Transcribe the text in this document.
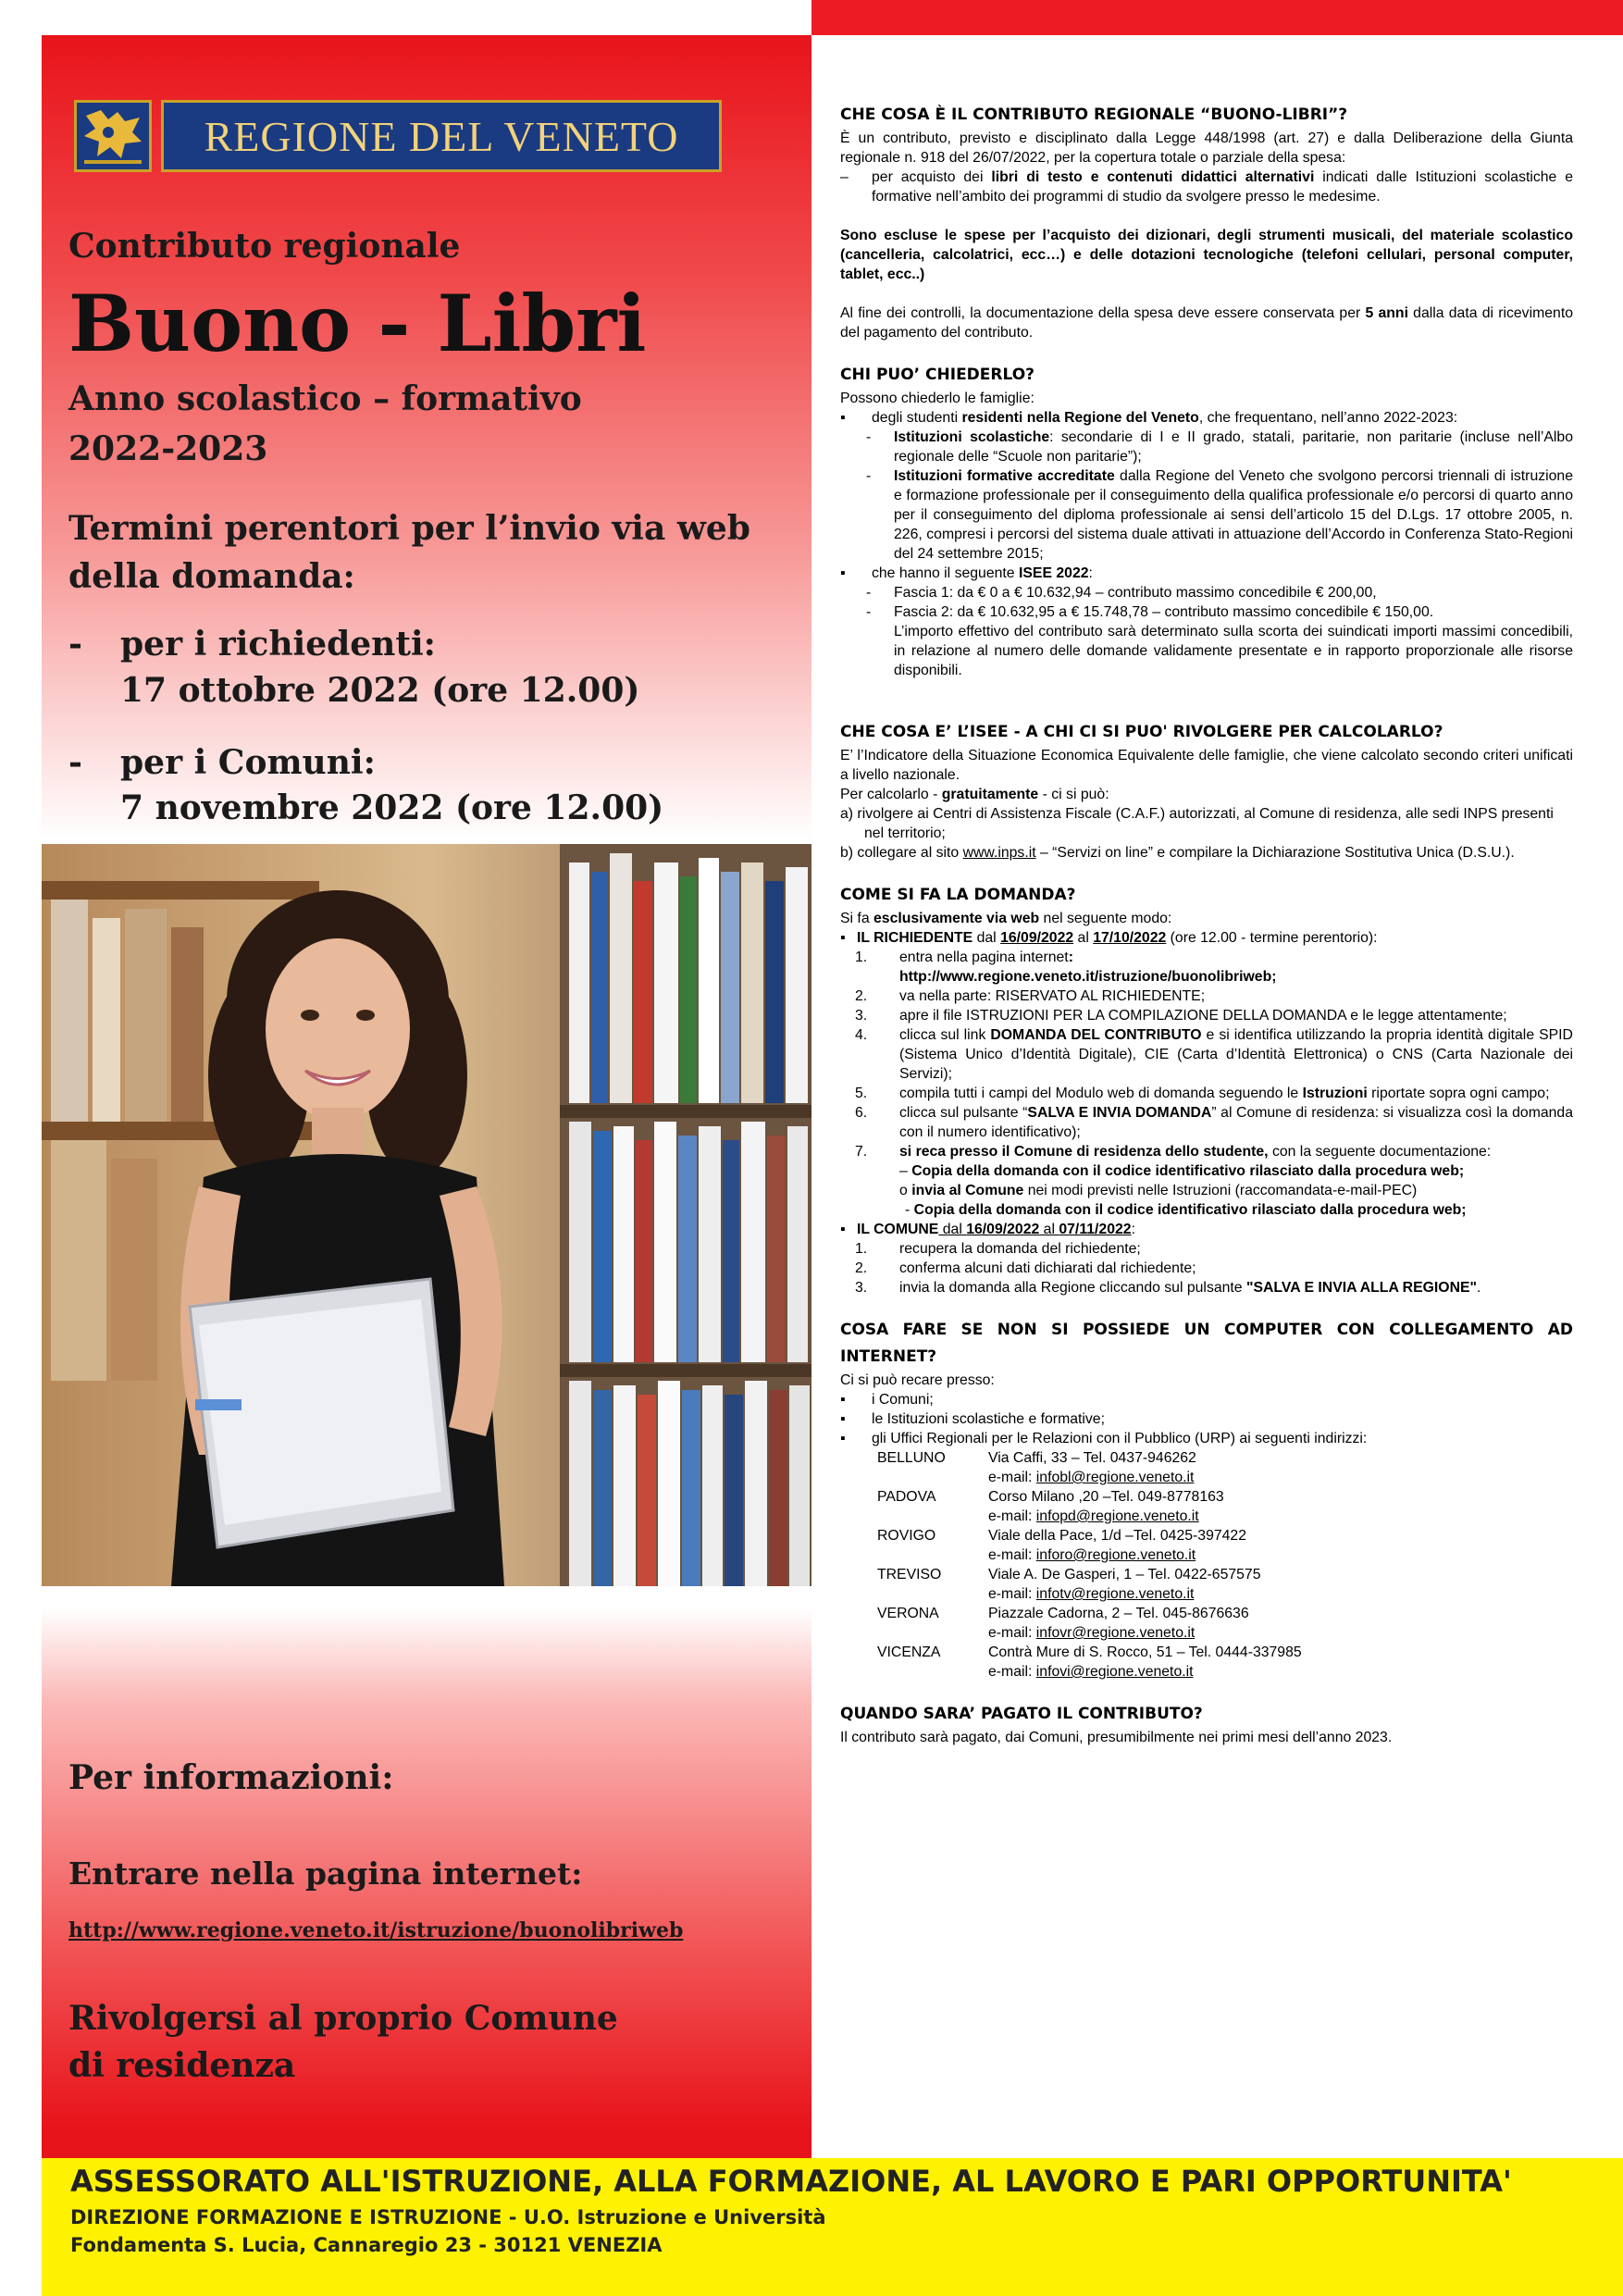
REGIONE DEL VENETO
Contributo regionale
Buono - Libri
Anno scolastico – formativo
2022-2023
Termini perentori per l’invio via web
della domanda:
- per i richiedenti:
17 ottobre 2022 (ore 12.00)
- per i Comuni:
7 novembre 2022 (ore 12.00)
Per informazioni:
Entrare nella pagina internet:
http://www.regione.veneto.it/istruzione/buonolibriweb
Rivolgersi al proprio Comune
di residenza

CHE COSA È IL CONTRIBUTO REGIONALE “BUONO-LIBRI”?

È un contributo, previsto e disciplinato dalla Legge 448/1998 (art. 27) e dalla Deliberazione della Giunta regionale n. 918 del 26/07/2022, per la copertura totale o parziale della spesa:

–	per acquisto dei libri di testo e contenuti didattici alternativi indicati dalle Istituzioni scolastiche e formative nell’ambito dei programmi di studio da svolgere presso le medesime.

Sono escluse le spese per l’acquisto dei dizionari, degli strumenti musicali, del materiale scolastico (cancelleria, calcolatrici, ecc…) e delle dotazioni tecnologiche (telefoni cellulari, personal computer, tablet, ecc..)

Al fine dei controlli, la documentazione della spesa deve essere conservata per 5 anni dalla data di ricevimento del pagamento del contributo.

CHI PUO’ CHIEDERLO?

Possono chiederlo le famiglie:

▪	degli studenti residenti nella Regione del Veneto, che frequentano, nell’anno 2022-2023:
-	Istituzioni scolastiche: secondarie di I e II grado, statali, paritarie, non paritarie (incluse nell’Albo regionale delle “Scuole non paritarie”);
-	Istituzioni formative accreditate dalla Regione del Veneto che svolgono percorsi triennali di istruzione e formazione professionale per il conseguimento della qualifica professionale e/o percorsi di quarto anno per il conseguimento del diploma professionale ai sensi dell’articolo 15 del D.Lgs. 17 ottobre 2005, n. 226, compresi i percorsi del sistema duale attivati in attuazione dell’Accordo in Conferenza Stato-Regioni del 24 settembre 2015;
▪	che hanno il seguente ISEE 2022:
-	Fascia 1: da € 0 a € 10.632,94 – contributo massimo concedibile € 200,00,
-	Fascia 2: da € 10.632,95 a € 15.748,78 – contributo massimo concedibile € 150,00.

L’importo effettivo del contributo sarà determinato sulla scorta dei suindicati importi massimi concedibili, in relazione al numero delle domande validamente presentate e in rapporto proporzionale alle risorse disponibili.

CHE COSA E’ L’ISEE - A CHI CI SI PUO' RIVOLGERE PER CALCOLARLO?

E’ l’Indicatore della Situazione Economica Equivalente delle famiglie, che viene calcolato secondo criteri unificati a livello nazionale.

Per calcolarlo - gratuitamente - ci si può:

a) rivolgere ai Centri di Assistenza Fiscale (C.A.F.) autorizzati, al Comune di residenza, alle sedi INPS presenti nel territorio;

b) collegare al sito www.inps.it – “Servizi on line” e compilare la Dichiarazione Sostitutiva Unica (D.S.U.).

COME SI FA LA DOMANDA?

Si fa esclusivamente via web nel seguente modo:

▪ IL RICHIEDENTE dal 16/09/2022 al 17/10/2022 (ore 12.00 - termine perentorio):
1.	entra nella pagina internet:
http://www.regione.veneto.it/istruzione/buonolibriweb;
2.	va nella parte: RISERVATO AL RICHIEDENTE;
3.	apre il file ISTRUZIONI PER LA COMPILAZIONE DELLA DOMANDA e le legge attentamente;
4.	clicca sul link DOMANDA DEL CONTRIBUTO e si identifica utilizzando la propria identità digitale SPID (Sistema Unico d’Identità Digitale), CIE (Carta d’Identità Elettronica) o CNS (Carta Nazionale dei Servizi);
5.	compila tutti i campi del Modulo web di domanda seguendo le Istruzioni riportate sopra ogni campo;
6.	clicca sul pulsante “SALVA E INVIA DOMANDA” al Comune di residenza: si visualizza così la domanda con il numero identificativo);
7.	si reca presso il Comune di residenza dello studente, con la seguente documentazione:
– Copia della domanda con il codice identificativo rilasciato dalla procedura web;
o invia al Comune nei modi previsti nelle Istruzioni (raccomandata-e-mail-PEC)
- Copia della domanda con il codice identificativo rilasciato dalla procedura web;
▪ IL COMUNE dal 16/09/2022 al 07/11/2022:
1.	recupera la domanda del richiedente;
2.	conferma alcuni dati dichiarati dal richiedente;
3.	invia la domanda alla Regione cliccando sul pulsante "SALVA E INVIA ALLA REGIONE".

COSA FARE SE NON SI POSSIEDE UN COMPUTER CON COLLEGAMENTO AD INTERNET?

Ci si può recare presso:

▪	i Comuni;
▪	le Istituzioni scolastiche e formative;
▪	gli Uffici Regionali per le Relazioni con il Pubblico (URP) ai seguenti indirizzi:
BELLUNO	Via Caffi, 33 – Tel. 0437-946262
e-mail: infobl@regione.veneto.it
PADOVA	Corso Milano ,20 –Tel. 049-8778163
e-mail: infopd@regione.veneto.it
ROVIGO	Viale della Pace, 1/d –Tel. 0425-397422
e-mail: inforo@regione.veneto.it
TREVISO	Viale A. De Gasperi, 1 – Tel. 0422-657575
e-mail: infotv@regione.veneto.it
VERONA	Piazzale Cadorna, 2 – Tel. 045-8676636
e-mail: infovr@regione.veneto.it
VICENZA	Contrà Mure di S. Rocco, 51 – Tel. 0444-337985
e-mail: infovi@regione.veneto.it

QUANDO SARA’ PAGATO IL CONTRIBUTO?

Il contributo sarà pagato, dai Comuni, presumibilmente nei primi mesi dell’anno 2023.

ASSESSORATO ALL'ISTRUZIONE, ALLA FORMAZIONE, AL LAVORO E PARI OPPORTUNITA'
DIREZIONE FORMAZIONE E ISTRUZIONE - U.O. Istruzione e Università
Fondamenta S. Lucia, Cannaregio 23 - 30121 VENEZIA
